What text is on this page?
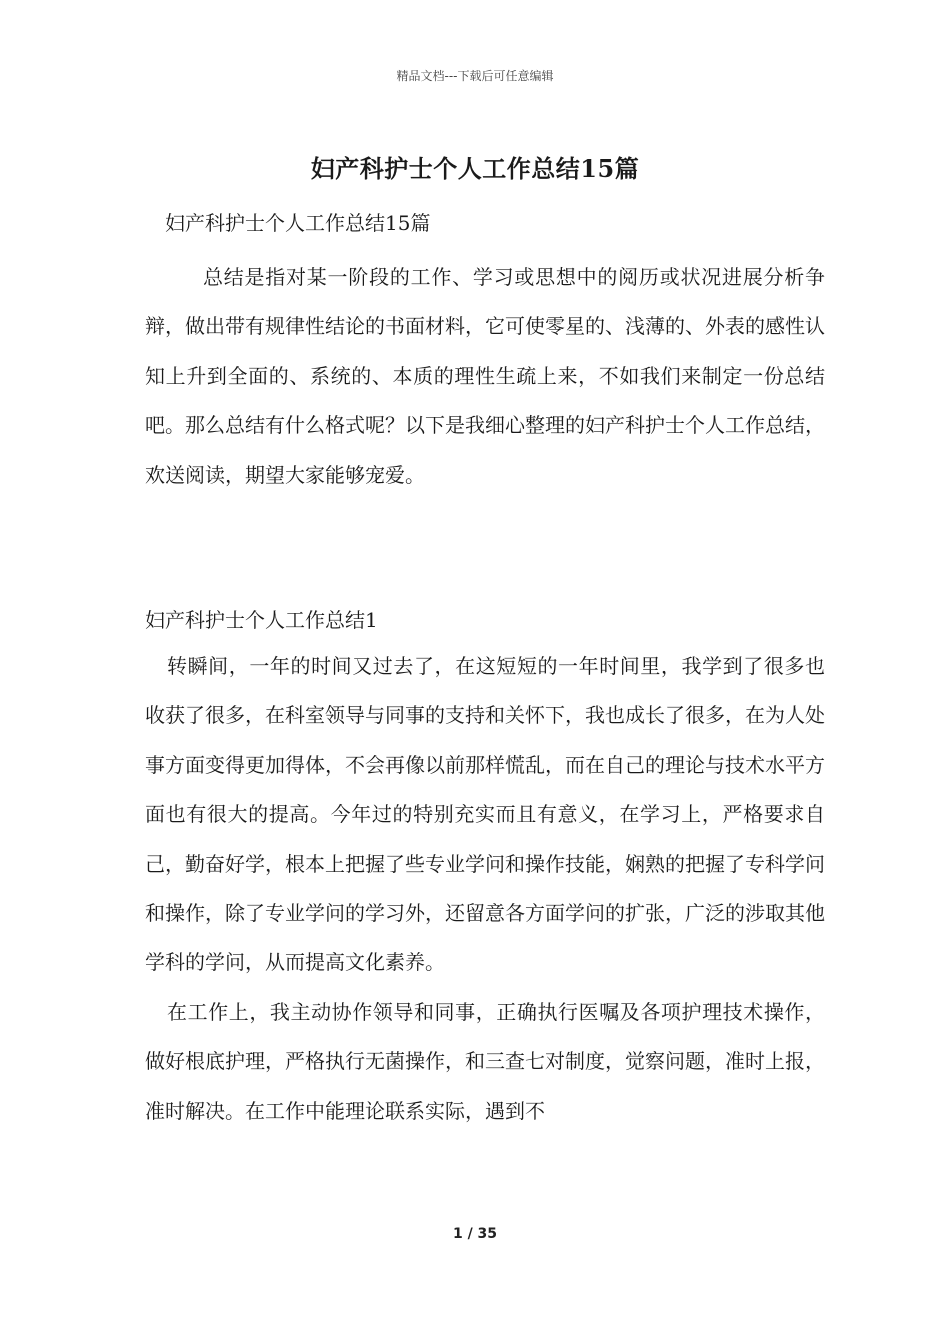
精品文档---下载后可任意编辑
妇产科护士个人工作总结15篇
妇产科护士个人工作总结15篇

总结是指对某一阶段的工作、学习或思想中的阅历或状况进展分析争辩，做出带有规律性结论的书面材料，它可使零星的、浅薄的、外表的感性认知上升到全面的、系统的、本质的理性生疏上来，不如我们来制定一份总结吧。那么总结有什么格式呢？以下是我细心整理的妇产科护士个人工作总结，欢送阅读，期望大家能够宠爱。

妇产科护士个人工作总结1

转瞬间，一年的时间又过去了，在这短短的一年时间里，我学到了很多也收获了很多，在科室领导与同事的支持和关怀下，我也成长了很多，在为人处事方面变得更加得体，不会再像以前那样慌乱，而在自己的理论与技术水平方面也有很大的提高。今年过的特别充实而且有意义，在学习上，严格要求自己，勤奋好学，根本上把握了些专业学问和操作技能，娴熟的把握了专科学问和操作，除了专业学问的学习外，还留意各方面学问的扩张，广泛的涉取其他学科的学问，从而提高文化素养。

在工作上，我主动协作领导和同事，正确执行医嘱及各项护理技术操作，做好根底护理，严格执行无菌操作，和三查七对制度，觉察问题，准时上报，准时解决。在工作中能理论联系实际，遇到不

1 / 35
